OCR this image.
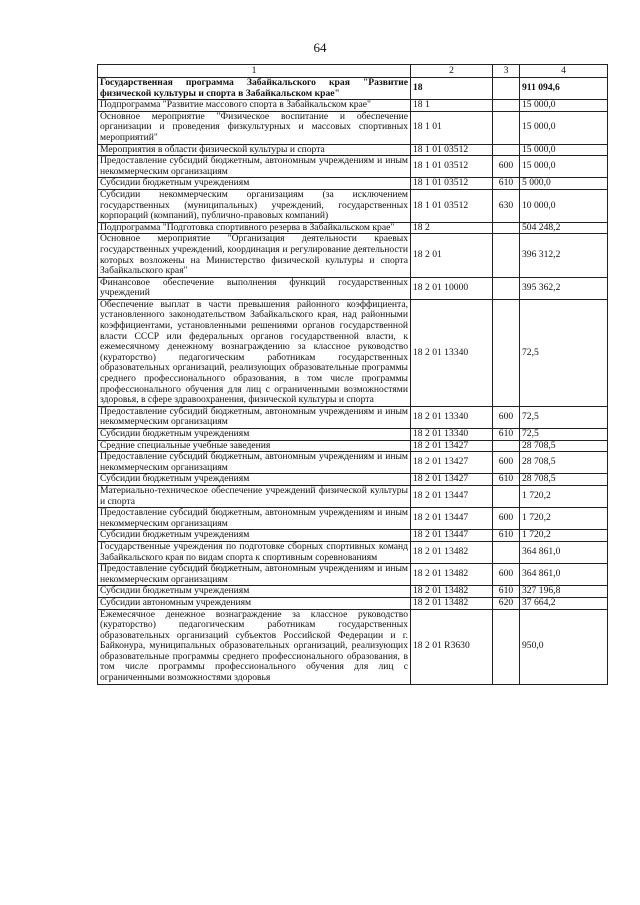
64
1	2	3	4
Государственная программа Забайкальского края "Развитие физической культуры и спорта в Забайкальском крае"	18		911 094,6
Подпрограмма "Развитие массового спорта в Забайкальском крае"	18 1		15 000,0
Основное мероприятие "Физическое воспитание и обеспечение организации и проведения физкультурных и массовых спортивных мероприятий"	18 1 01		15 000,0
Мероприятия в области физической культуры и спорта	18 1 01 03512		15 000,0
Предоставление субсидий бюджетным, автономным учреждениям и иным некоммерческим организациям	18 1 01 03512	600	15 000,0
Субсидии бюджетным учреждениям	18 1 01 03512	610	5 000,0
Субсидии некоммерческим организациям (за исключением государственных (муниципальных) учреждений, государственных корпораций (компаний), публично-правовых компаний)	18 1 01 03512	630	10 000,0
Подпрограмма "Подготовка спортивного резерва в Забайкальском крае"	18 2		504 248,2
Основное мероприятие "Организация деятельности краевых государственных учреждений, координация и регулирование деятельности которых возложены на Министерство физической культуры и спорта Забайкальского края"	18 2 01		396 312,2
Финансовое обеспечение выполнения функций государственных учреждений	18 2 01 10000		395 362,2
Обеспечение выплат в части превышения районного коэффициента, установленного законодательством Забайкальского края, над районными коэффициентами, установленными решениями органов государственной власти СССР или федеральных органов государственной власти, к ежемесячному денежному вознаграждению за классное руководство (кураторство) педагогическим работникам государственных образовательных организаций, реализующих образовательные программы среднего профессионального образования, в том числе программы профессионального обучения для лиц с ограниченными возможностями здоровья, в сфере здравоохранения, физической культуры и спорта	18 2 01 13340		72,5
Предоставление субсидий бюджетным, автономным учреждениям и иным некоммерческим организациям	18 2 01 13340	600	72,5
Субсидии бюджетным учреждениям	18 2 01 13340	610	72,5
Средние специальные учебные заведения	18 2 01 13427		28 708,5
Предоставление субсидий бюджетным, автономным учреждениям и иным некоммерческим организациям	18 2 01 13427	600	28 708,5
Субсидии бюджетным учреждениям	18 2 01 13427	610	28 708,5
Материально-техническое обеспечение учреждений физической культуры и спорта	18 2 01 13447		1 720,2
Предоставление субсидий бюджетным, автономным учреждениям и иным некоммерческим организациям	18 2 01 13447	600	1 720,2
Субсидии бюджетным учреждениям	18 2 01 13447	610	1 720,2
Государственные учреждения по подготовке сборных спортивных команд Забайкальского края по видам спорта к спортивным соревнованиям	18 2 01 13482		364 861,0
Предоставление субсидий бюджетным, автономным учреждениям и иным некоммерческим организациям	18 2 01 13482	600	364 861,0
Субсидии бюджетным учреждениям	18 2 01 13482	610	327 196,8
Субсидии автономным учреждениям	18 2 01 13482	620	37 664,2
Ежемесячное денежное вознаграждение за классное руководство (кураторство) педагогическим работникам государственных образовательных организаций субъектов Российской Федерации и г. Байконура, муниципальных образовательных организаций, реализующих образовательные программы среднего профессионального образования, в том числе программы профессионального обучения для лиц с ограниченными возможностями здоровья	18 2 01 R3630		950,0
